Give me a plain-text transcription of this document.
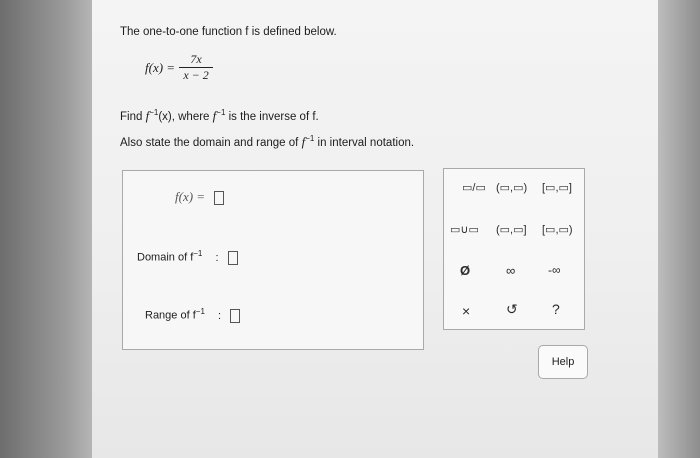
The one-to-one function f is defined below.
$f(x) = \frac{7x}{x - 2}$
Find $f^{-1}(x)$, where $f^{-1}$ is the inverse of f.
Also state the domain and range of $f^{-1}$ in interval notation.
f(x) =
Domain of $f^{-1}$ :
Range of $f^{-1}$ :
▭/▭ (▭,▭) [▭,▭]
▭∪▭ (▭,▭] [▭,▭)
Ø	∞	-∞
×	↺ ?
Help
